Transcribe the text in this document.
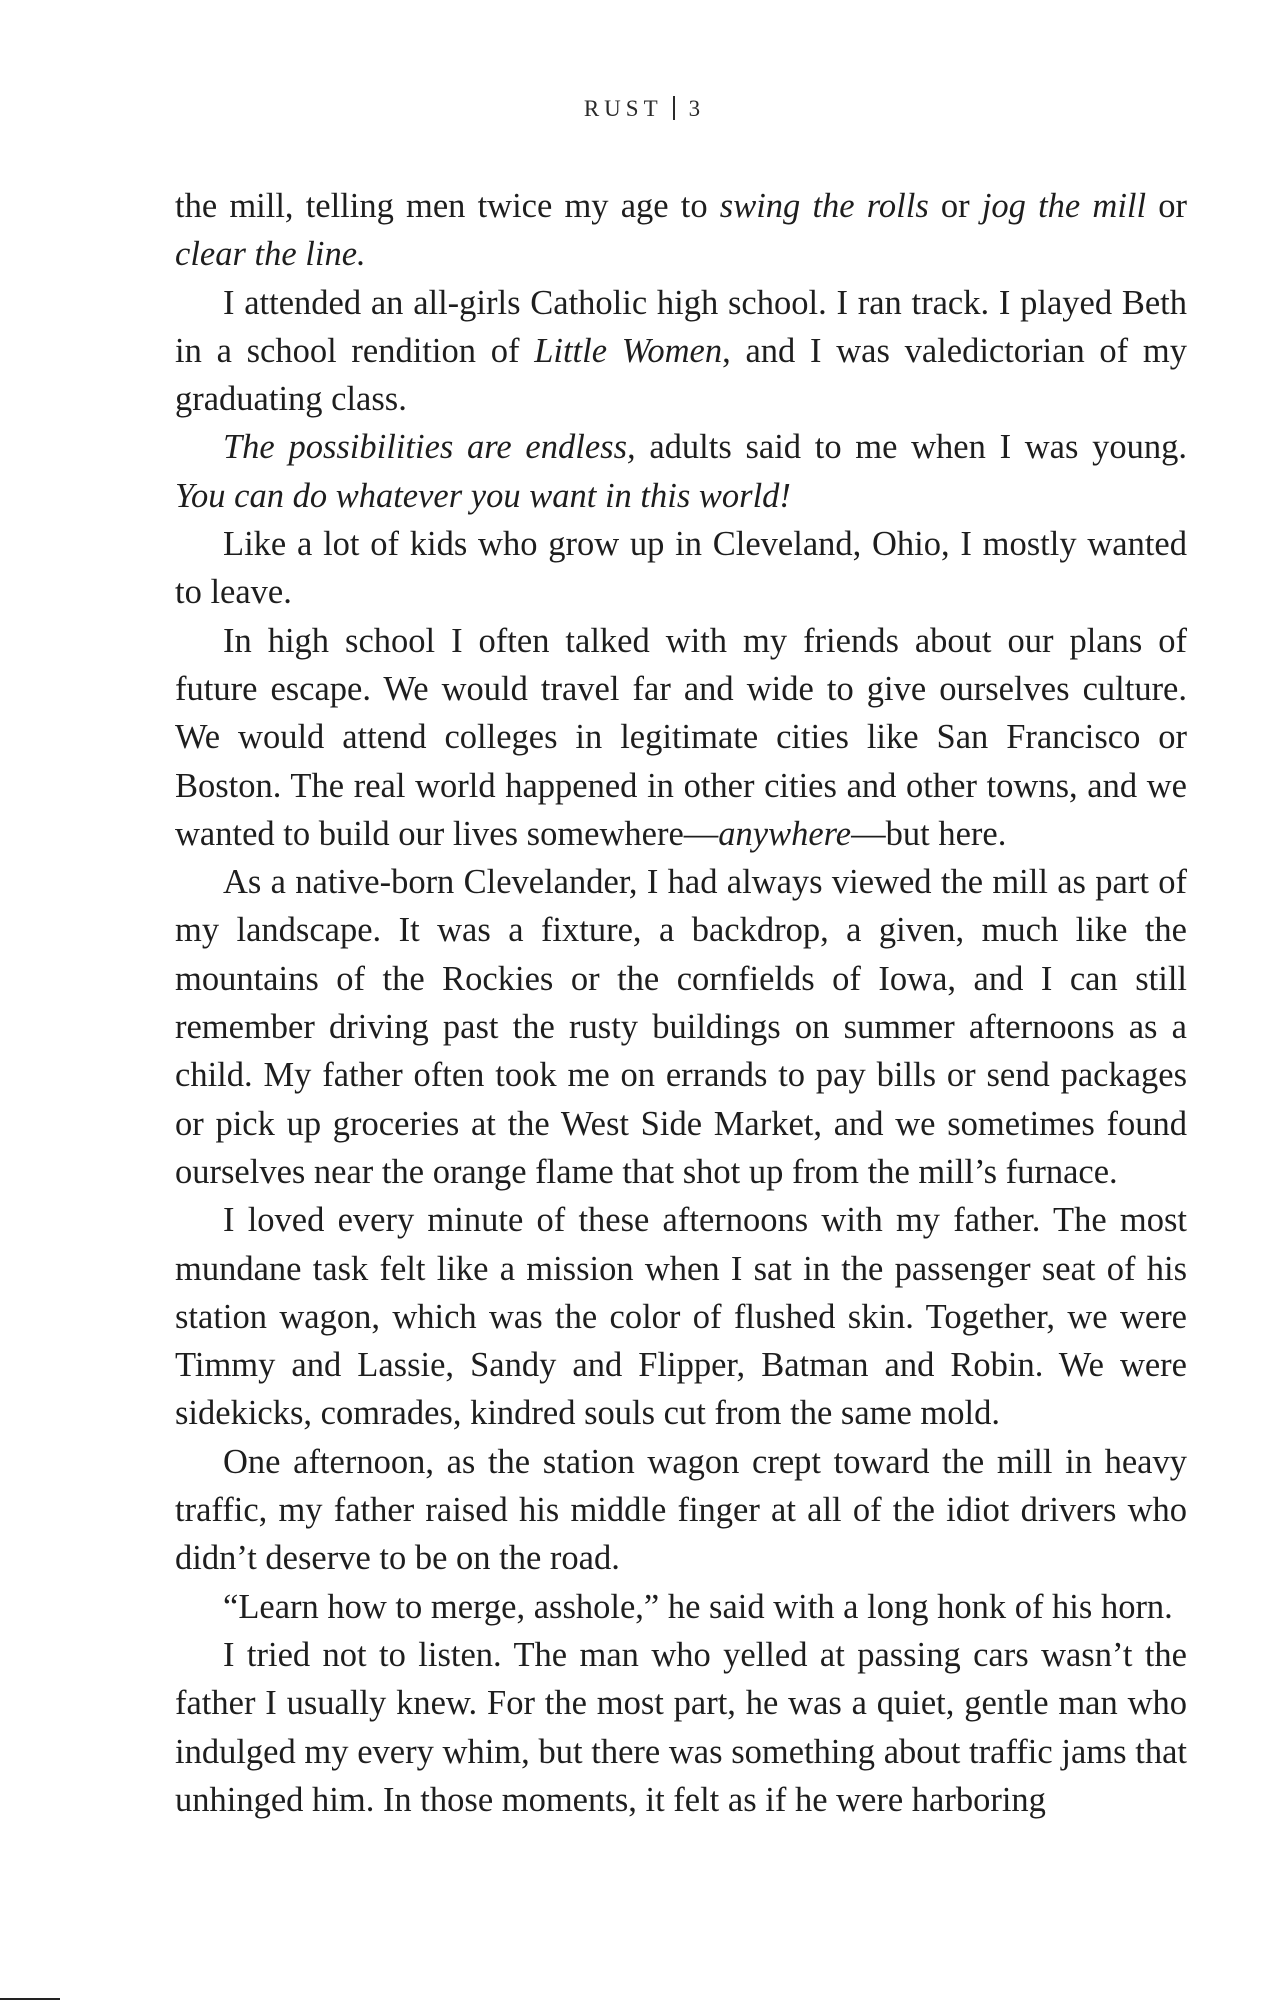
RUST 3

the mill, telling men twice my age to swing the rolls or jog the mill or clear the line.

I attended an all-girls Catholic high school. I ran track. I played Beth in a school rendition of Little Women, and I was valedictorian of my graduating class.

The possibilities are endless, adults said to me when I was young. You can do whatever you want in this world!

Like a lot of kids who grow up in Cleveland, Ohio, I mostly wanted to leave.

In high school I often talked with my friends about our plans of future escape. We would travel far and wide to give ourselves culture. We would attend colleges in legitimate cities like San Francisco or Boston. The real world happened in other cities and other towns, and we wanted to build our lives somewhere—anywhere—but here.

As a native-born Clevelander, I had always viewed the mill as part of my landscape. It was a fixture, a backdrop, a given, much like the mountains of the Rockies or the cornfields of Iowa, and I can still remember driving past the rusty buildings on summer afternoons as a child. My father often took me on errands to pay bills or send packages or pick up groceries at the West Side Market, and we sometimes found ourselves near the orange flame that shot up from the mill’s furnace.

I loved every minute of these afternoons with my father. The most mundane task felt like a mission when I sat in the passenger seat of his station wagon, which was the color of flushed skin. Together, we were Timmy and Lassie, Sandy and Flipper, Batman and Robin. We were sidekicks, comrades, kindred souls cut from the same mold.

One afternoon, as the station wagon crept toward the mill in heavy traffic, my father raised his middle finger at all of the idiot drivers who didn’t deserve to be on the road.

“Learn how to merge, asshole,” he said with a long honk of his horn.

I tried not to listen. The man who yelled at passing cars wasn’t the father I usually knew. For the most part, he was a quiet, gentle man who indulged my every whim, but there was something about traffic jams that unhinged him. In those moments, it felt as if he were harboring
